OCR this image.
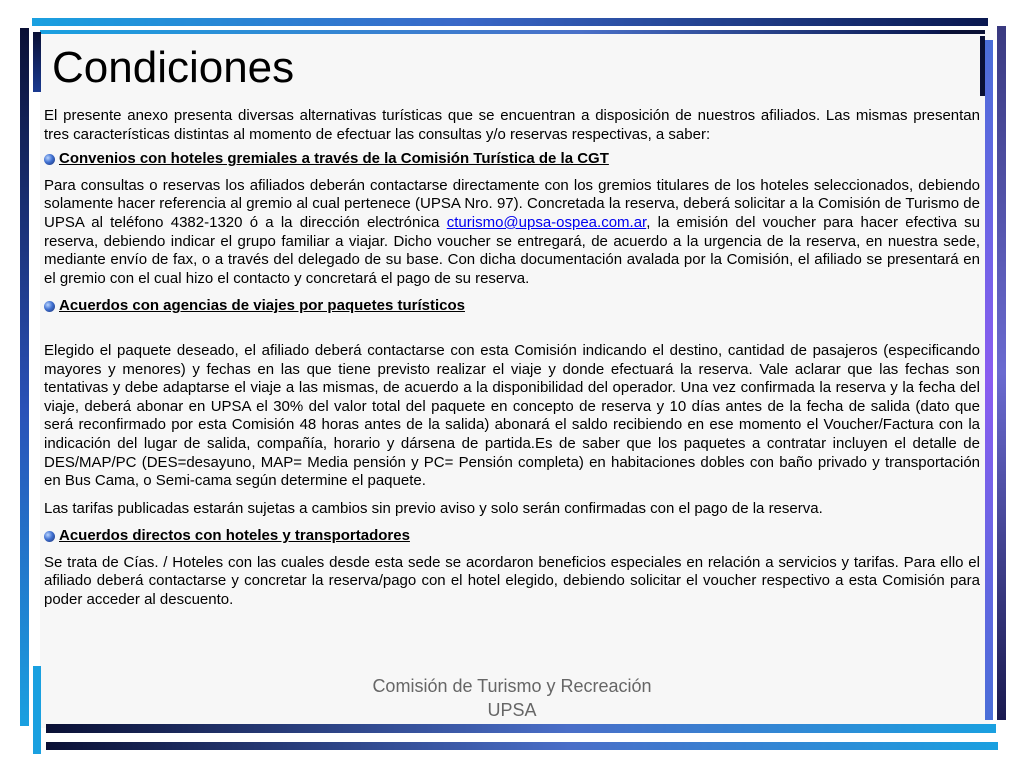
Condiciones

El presente anexo presenta diversas alternativas turísticas que se encuentran a disposición de nuestros afiliados. Las mismas presentan tres características distintas al momento de efectuar las consultas y/o reservas respectivas, a saber:

Convenios con hoteles gremiales a través de la Comisión Turística de la CGT

Para consultas o reservas los afiliados deberán contactarse directamente con los gremios titulares de los hoteles seleccionados, debiendo solamente hacer referencia al gremio al cual pertenece (UPSA Nro. 97). Concretada la reserva, deberá solicitar a la Comisión de Turismo de UPSA al teléfono 4382-1320 ó a la dirección electrónica cturismo@upsa-ospea.com.ar, la emisión del voucher para hacer efectiva su reserva, debiendo indicar el grupo familiar a viajar. Dicho voucher se entregará, de acuerdo a la urgencia de la reserva, en nuestra sede, mediante envío de fax, o a través del delegado de su base. Con dicha documentación avalada por la Comisión, el afiliado se presentará en el gremio con el cual hizo el contacto y concretará el pago de su reserva.

Acuerdos con agencias de viajes por paquetes turísticos

Elegido el paquete deseado, el afiliado deberá contactarse con esta Comisión indicando el destino, cantidad de pasajeros (especificando mayores y menores) y fechas en las que tiene previsto realizar el viaje y donde efectuará la reserva. Vale aclarar que las fechas son tentativas y debe adaptarse el viaje a las mismas, de acuerdo a la disponibilidad del operador. Una vez confirmada la reserva y la fecha del viaje, deberá abonar en UPSA el 30% del valor total del paquete en concepto de reserva y 10 días antes de la fecha de salida (dato que será reconfirmado por esta Comisión 48 horas antes de la salida) abonará el saldo recibiendo en ese momento el Voucher/Factura con la indicación del lugar de salida, compañía, horario y dársena de partida.Es de saber que los paquetes a contratar incluyen el detalle de DES/MAP/PC (DES=desayuno, MAP= Media pensión y PC= Pensión completa) en habitaciones dobles con baño privado y transportación en Bus Cama, o Semi-cama según determine el paquete.

Las tarifas publicadas estarán sujetas a cambios sin previo aviso y solo serán confirmadas con el pago de la reserva.

Acuerdos directos con hoteles y transportadores

Se trata de Cías. / Hoteles con las cuales desde esta sede se acordaron beneficios especiales en relación a servicios y tarifas. Para ello el afiliado deberá contactarse y concretar la reserva/pago con el hotel elegido, debiendo solicitar el voucher respectivo a esta Comisión para poder acceder al descuento.

Comisión de Turismo y Recreación
UPSA
